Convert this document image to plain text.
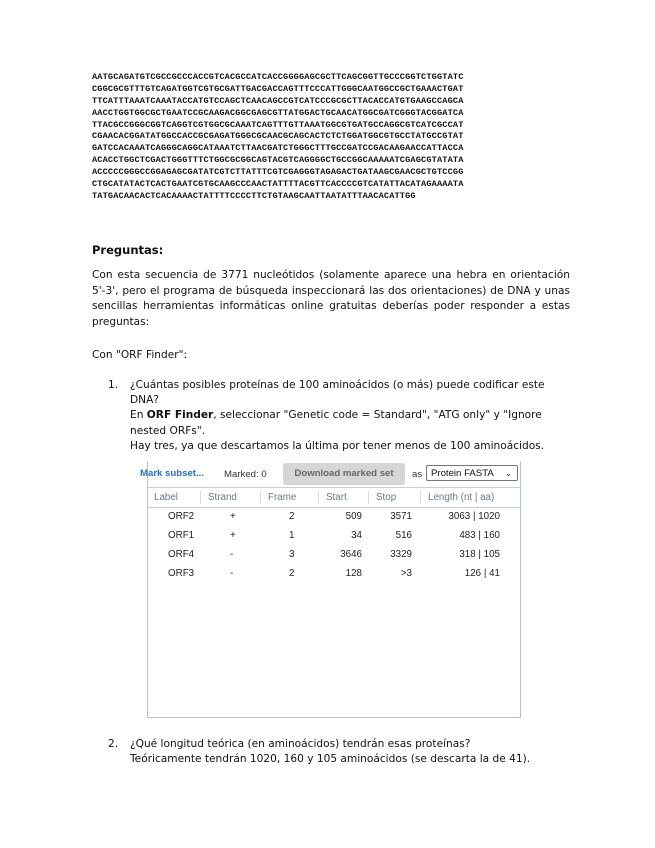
AATGCAGATGTCGCCGCCCACCGTCACGCCATCACCGGGGAGCGCTTCAGCGGTTGCCCGGTCTGGTATC
CGGCGCGTTTGTCAGATGGTCGTGCGATTGACGACCAGTTTCCCATTGGGCAATGGCCGCTGAAACTGAT
TTCATTTAAATCAAATACCATGTCCAGCTCAACAGCCGTCATCCCGCGCTTACACCATGTGAAGCCAGCA
AACCTGGTGGCGCTGAATCCGCAAGACGGCGAGCGTTATGGACTGCAACATGGCGATCGGGTACGGATCA
TTACGCCGGGCGGTCAGGTCGTGGCGCAAATCAGTTTGTTAAATGGCGTGATGCCAGGCGTCATCGCCAT
CGAACACGGATATGGCCACCGCGAGATGGGCGCAACGCAGCACTCTCTGGATGGCGTGCCTATGCCGTAT
GATCCACAAATCAGGGCAGGCATAAATCTTAACGATCTGGGCTTTGCCGATCCGACAAGAACCATTACCA
ACACCTGGCTCGACTGGGTTTCTGGCGCGGCAGTACGTCAGGGGCTGCCGGCAAAAATCGAGCGTATATA
ACCCCCGGGCCGGAGAGCGATATCGTCTTATTTCGTCGAGGGTAGAGACTGATAAGCGAACGCTGTCCGG
CTGCATATACTCACTGAATCGTGCAAGCCCAACTATTTTACGTTCACCCCGTCATATTACATAGAAAATA
TATGACAACACTCACAAAACTATTTTCCCCTTCTGTAAGCAATTAATATTTAACACATTGG
Preguntas:
Con esta secuencia de 3771 nucleótidos (solamente aparece una hebra en orientación 5'-3', pero el programa de búsqueda inspeccionará las dos orientaciones) de DNA y unas sencillas herramientas informáticas online gratuitas deberías poder responder a estas preguntas:
Con "ORF Finder":
1. ¿Cuántas posibles proteínas de 100 aminoácidos (o más) puede codificar este DNA?
En ORF Finder, seleccionar "Genetic code = Standard", "ATG only" y "Ignore nested ORFs".
Hay tres, ya que descartamos la última por tener menos de 100 aminoácidos.
Mark subset... Marked: 0	Download marked set	as Protein FASTA ⌄
Label	Strand	Frame	Start	Stop	Length (nt | aa)
ORF2	+	2	509	3571	3063 | 1020
ORF1	+	1	34	516	483 | 160
ORF4	-	3	3646	3329	318 | 105
ORF3	-	2	128	>3	126 | 41
2. ¿Qué longitud teórica (en aminoácidos) tendrán esas proteínas?
Teóricamente tendrán 1020, 160 y 105 aminoácidos (se descarta la de 41).
